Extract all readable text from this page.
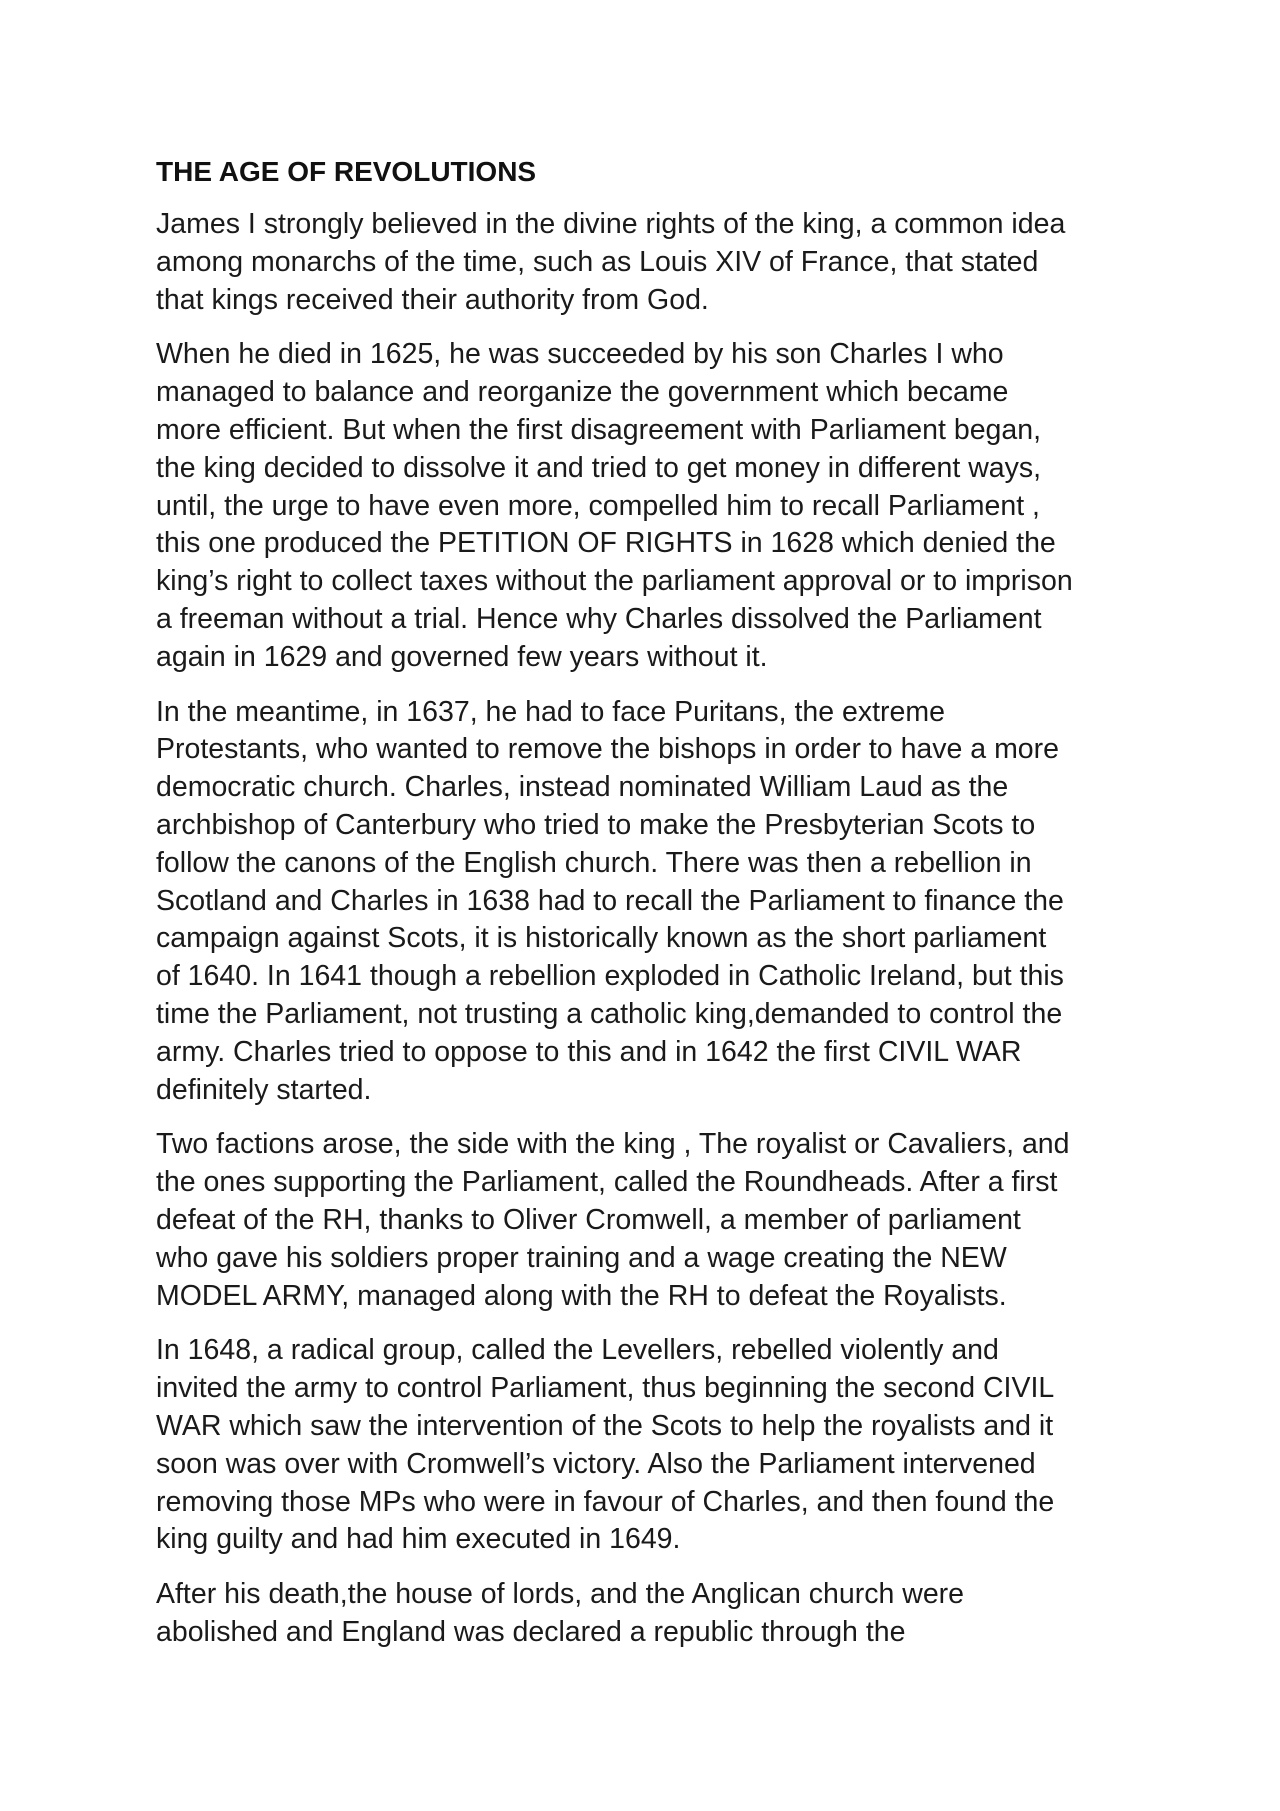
THE AGE OF REVOLUTIONS
James I strongly believed in the divine rights of the king, a common idea
among monarchs of the time, such as Louis XIV of France, that stated
that kings received their authority from God.
When he died in 1625, he was succeeded by his son Charles I who
managed to balance and reorganize the government which became
more efficient. But when the first disagreement with Parliament began,
the king decided to dissolve it and tried to get money in different ways,
until, the urge to have even more, compelled him to recall Parliament ,
this one produced the PETITION OF RIGHTS in 1628 which denied the
king’s right to collect taxes without the parliament approval or to imprison
a freeman without a trial. Hence why Charles dissolved the Parliament
again in 1629 and governed few years without it.
In the meantime, in 1637, he had to face Puritans, the extreme
Protestants, who wanted to remove the bishops in order to have a more
democratic church. Charles, instead nominated William Laud as the
archbishop of Canterbury who tried to make the Presbyterian Scots to
follow the canons of the English church. There was then a rebellion in
Scotland and Charles in 1638 had to recall the Parliament to finance the
campaign against Scots, it is historically known as the short parliament
of 1640. In 1641 though a rebellion exploded in Catholic Ireland, but this
time the Parliament, not trusting a catholic king,demanded to control the
army. Charles tried to oppose to this and in 1642 the first CIVIL WAR
definitely started.
Two factions arose, the side with the king , The royalist or Cavaliers, and
the ones supporting the Parliament, called the Roundheads. After a first
defeat of the RH, thanks to Oliver Cromwell, a member of parliament
who gave his soldiers proper training and a wage creating the NEW
MODEL ARMY, managed along with the RH to defeat the Royalists.
In 1648, a radical group, called the Levellers, rebelled violently and
invited the army to control Parliament, thus beginning the second CIVIL
WAR which saw the intervention of the Scots to help the royalists and it
soon was over with Cromwell’s victory. Also the Parliament intervened
removing those MPs who were in favour of Charles, and then found the
king guilty and had him executed in 1649.
After his death,the house of lords, and the Anglican church were
abolished and England was declared a republic through the
